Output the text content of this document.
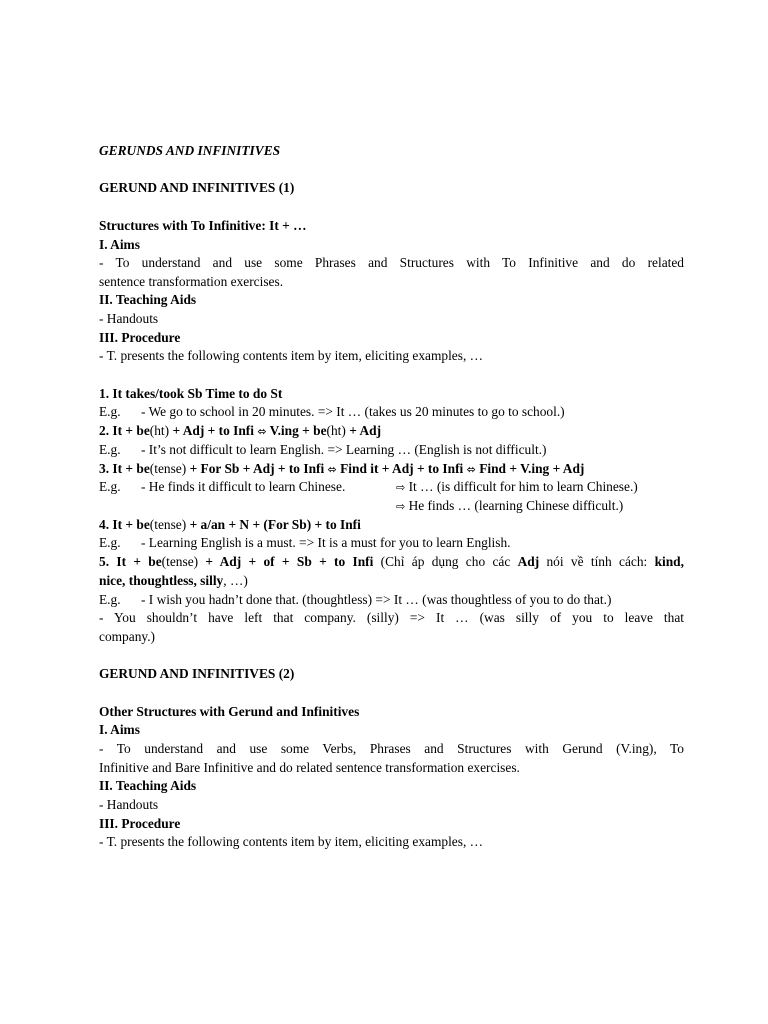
GERUNDS AND INFINITIVES
GERUND AND INFINITIVES (1)
Structures with To Infinitive: It + …
I. Aims
- To understand and use some Phrases and Structures with To Infinitive and do related
sentence transformation exercises.
II. Teaching Aids
- Handouts
III. Procedure
- T. presents the following contents item by item, eliciting examples, …
1. It takes/took Sb Time to do St
E.g. - We go to school in 20 minutes. => It … (takes us 20 minutes to go to school.)
2. It + be(ht) + Adj + to Infi ⬄ V.ing + be(ht) + Adj
E.g. - It’s not difficult to learn English. => Learning … (English is not difficult.)
3. It + be(tense) + For Sb + Adj + to Infi ⬄ Find it + Adj + to Infi ⬄ Find + V.ing + Adj
E.g. - He finds it difficult to learn Chinese.	⇨ It … (is difficult for him to learn Chinese.)
⇨ He finds … (learning Chinese difficult.)
4. It + be(tense) + a/an + N + (For Sb) + to Infi
E.g. - Learning English is a must. => It is a must for you to learn English.
5. It + be(tense) + Adj + of + Sb + to Infi (Chỉ áp dụng cho các Adj nói về tính cách: kind,
nice, thoughtless, silly, …)
E.g. - I wish you hadn’t done that. (thoughtless) => It … (was thoughtless of you to do that.)
- You shouldn’t have left that company. (silly) => It … (was silly of you to leave that
company.)
GERUND AND INFINITIVES (2)
Other Structures with Gerund and Infinitives
I. Aims
- To understand and use some Verbs, Phrases and Structures with Gerund (V.ing), To
Infinitive and Bare Infinitive and do related sentence transformation exercises.
II. Teaching Aids
- Handouts
III. Procedure
- T. presents the following contents item by item, eliciting examples, …
